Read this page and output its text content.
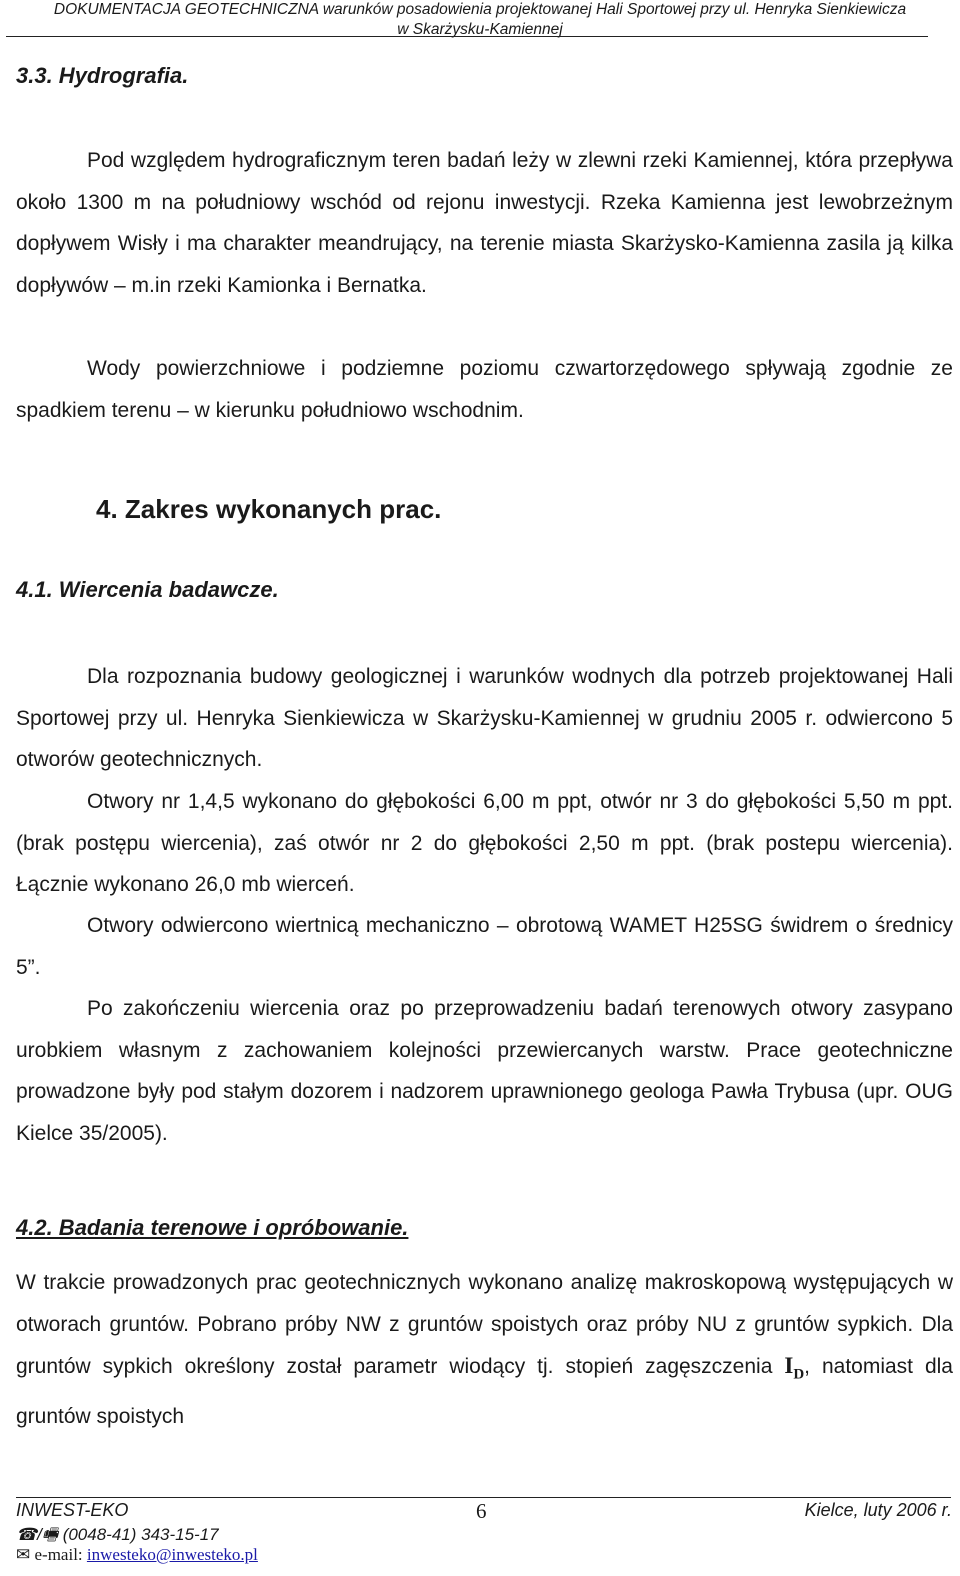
DOKUMENTACJA GEOTECHNICZNA warunków posadowienia projektowanej Hali Sportowej przy ul. Henryka Sienkiewicza
w Skarżysku-Kamiennej
3.3. Hydrografia.

Pod względem hydrograficznym teren badań leży w zlewni rzeki Kamiennej, która przepływa około 1300 m na południowy wschód od rejonu inwestycji. Rzeka Kamienna jest lewobrzeżnym dopływem Wisły i ma charakter meandrujący, na terenie miasta Skarżysko-Kamienna zasila ją kilka dopływów – m.in rzeki Kamionka i Bernatka.

Wody powierzchniowe i podziemne poziomu czwartorzędowego spływają zgodnie ze spadkiem terenu – w kierunku południowo wschodnim.

4. Zakres wykonanych prac.
4.1. Wiercenia badawcze.

Dla rozpoznania budowy geologicznej i warunków wodnych dla potrzeb projektowanej Hali Sportowej przy ul. Henryka Sienkiewicza w Skarżysku-Kamiennej w grudniu 2005 r. odwiercono 5 otworów geotechnicznych.

Otwory nr 1,4,5 wykonano do głębokości 6,00 m ppt, otwór nr 3 do głębokości 5,50 m ppt. (brak postępu wiercenia), zaś otwór nr 2 do głębokości 2,50 m ppt. (brak postepu wiercenia). Łącznie wykonano 26,0 mb wierceń.

Otwory odwiercono wiertnicą mechaniczno – obrotową WAMET H25SG świdrem o średnicy 5”.

Po zakończeniu wiercenia oraz po przeprowadzeniu badań terenowych otwory zasypano urobkiem własnym z zachowaniem kolejności przewiercanych warstw. Prace geotechniczne prowadzone były pod stałym dozorem i nadzorem uprawnionego geologa Pawła Trybusa (upr. OUG Kielce 35/2005).

4.2. Badania terenowe i opróbowanie.

W trakcie prowadzonych prac geotechnicznych wykonano analizę makroskopową występujących w otworach gruntów. Pobrano próby NW z gruntów spoistych oraz próby NU z gruntów sypkich. Dla gruntów sypkich określony został parametr wiodący tj. stopień zagęszczenia $I_D$, natomiast dla gruntów spoistych

INWEST-EKO	6	Kielce, luty 2006 r.
☎/🖷 (0048-41) 343-15-17
✉ e-mail: inwesteko@inwesteko.pl
